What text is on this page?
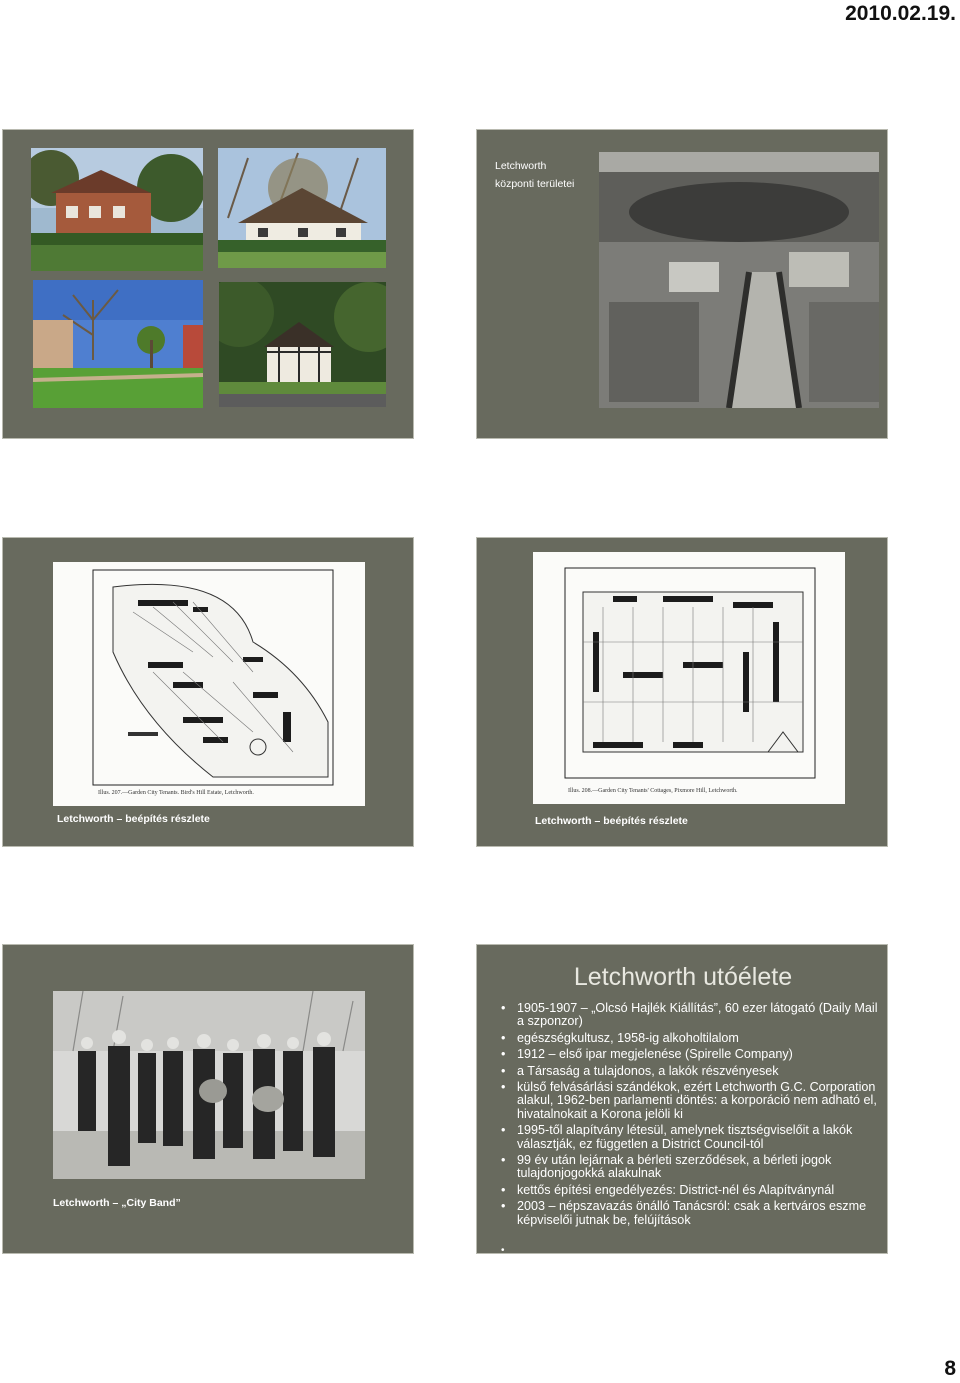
2010.02.19.
Letchworth
központi területei
Illus. 207.—Garden City Tenants. Bird's Hill Estate, Letchworth.
Letchworth – beépítés részlete
Illus. 208.—Garden City Tenants' Cottages, Pixmore Hill, Letchworth.
Letchworth – beépítés részlete
Letchworth – „City Band”
Letchworth utóélete
• 1905-1907 – „Olcsó Hajlék Kiállítás”, 60 ezer látogató (Daily Mail a szponzor)
• egészségkultusz, 1958-ig alkoholtilalom
• 1912 – első ipar megjelenése (Spirelle Company)
• a Társaság a tulajdonos, a lakók részvényesek
• külső felvásárlási szándékok, ezért Letchworth G.C. Corporation alakul, 1962-ben parlamenti döntés: a korporáció nem adható el, hivatalnokait a Korona jelöli ki
• 1995-től alapítvány létesül, amelynek tisztségviselőit a lakók választják, ez független a District Council-tól
• 99 év után lejárnak a bérleti szerződések, a bérleti jogok tulajdonjogokká alakulnak
• kettős építési engedélyezés: District-nél és Alapítványnál
• 2003 – népszavazás önálló Tanácsról: csak a kertváros eszme képviselői jutnak be, felújítások
•
8
